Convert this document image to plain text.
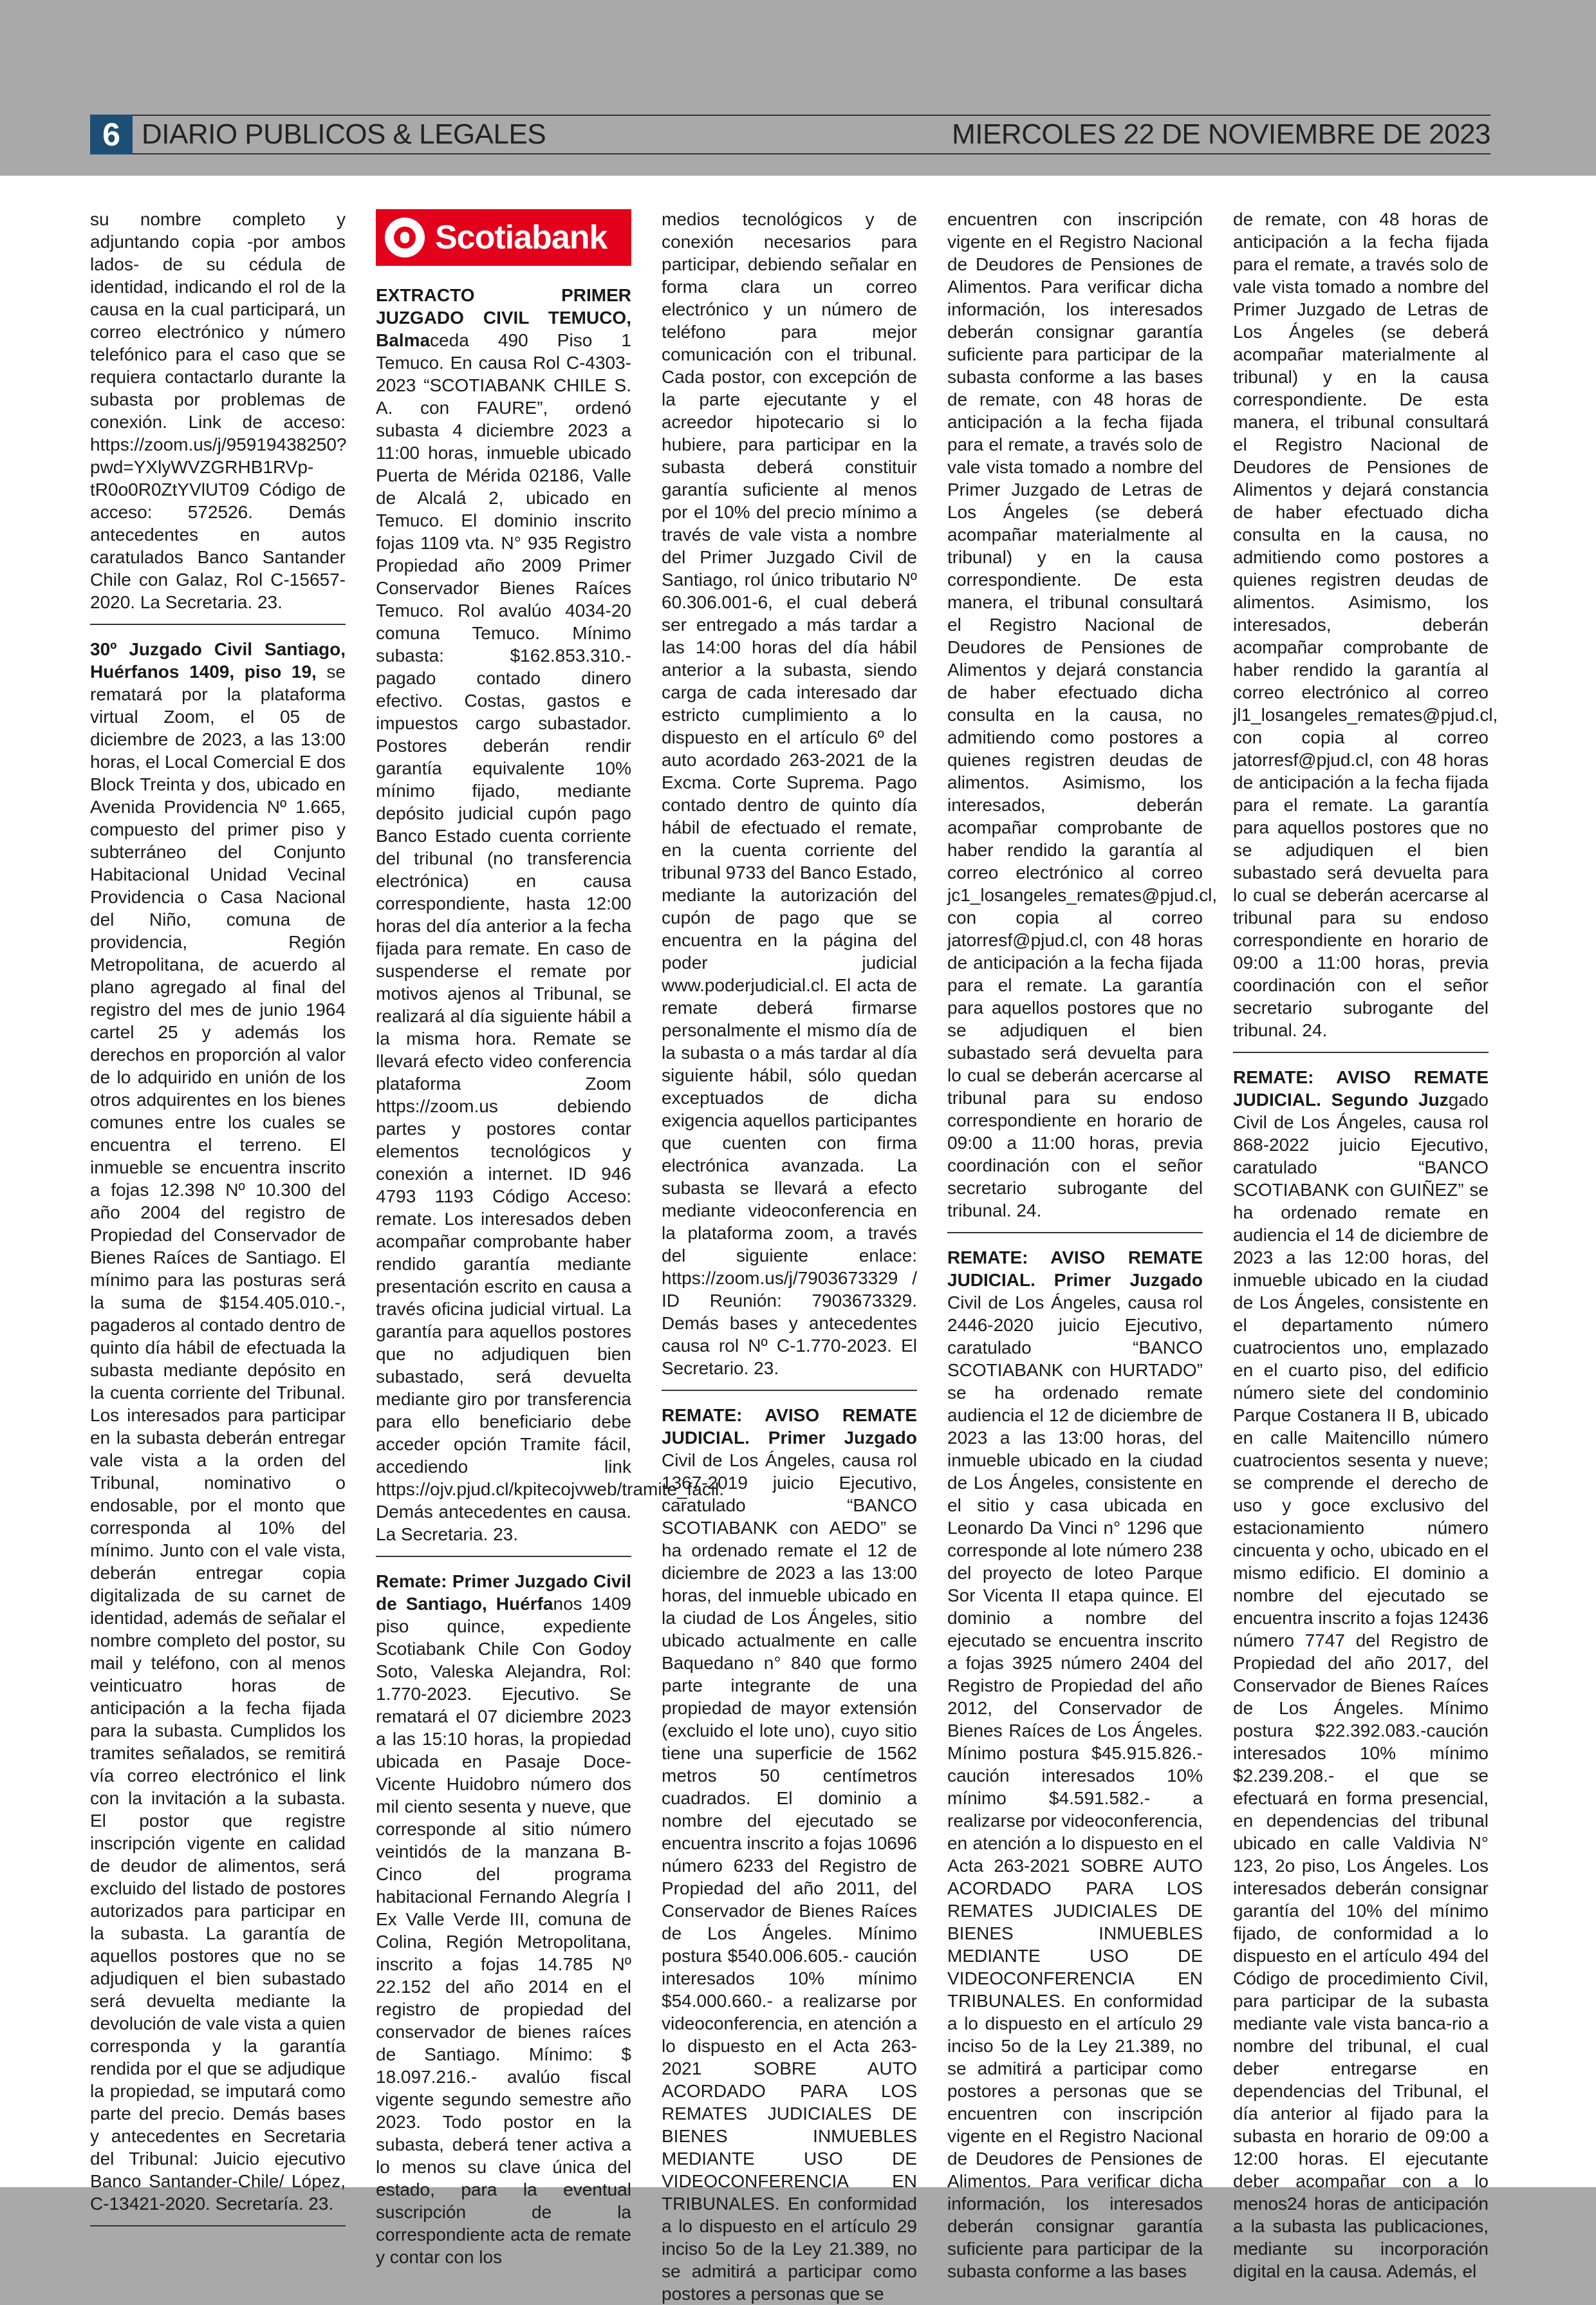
6 DIARIO PUBLICOS & LEGALES	MIERCOLES 22 DE NOVIEMBRE DE 2023

su nombre completo y adjuntando copia -por ambos lados- de su cédula de identidad, indicando el rol de la causa en la cual participará, un correo electrónico y número telefónico para el caso que se requiera contactarlo durante la subasta por problemas de conexión. Link de acceso: https://zoom.us/j/95919438250?pwd=YXlyWVZGRHB1RVp-tR0o0R0ZtYVlUT09 Código de acceso: 572526. Demás antecedentes en autos caratulados Banco Santander Chile con Galaz, Rol C-15657-2020. La Secretaria. 23.

30º Juzgado Civil Santiago, Huérfanos 1409, piso 19, se rematará por la plataforma virtual Zoom, el 05 de diciembre de 2023, a las 13:00 horas, el Local Comercial E dos Block Treinta y dos, ubicado en Avenida Providencia Nº 1.665, compuesto del primer piso y subterráneo del Conjunto Habitacional Unidad Vecinal Providencia o Casa Nacional del Niño, comuna de providencia, Región Metropolitana, de acuerdo al plano agregado al final del registro del mes de junio 1964 cartel 25 y además los derechos en proporción al valor de lo adquirido en unión de los otros adquirentes en los bienes comunes entre los cuales se encuentra el terreno. El inmueble se encuentra inscrito a fojas 12.398 Nº 10.300 del año 2004 del registro de Propiedad del Conservador de Bienes Raíces de Santiago. El mínimo para las posturas será la suma de $154.405.010.-, pagaderos al contado dentro de quinto día hábil de efectuada la subasta mediante depósito en la cuenta corriente del Tribunal. Los interesados para participar en la subasta deberán entregar vale vista a la orden del Tribunal, nominativo o endosable, por el monto que corresponda al 10% del mínimo. Junto con el vale vista, deberán entregar copia digitalizada de su carnet de identidad, además de señalar el nombre completo del postor, su mail y teléfono, con al menos veinticuatro horas de anticipación a la fecha fijada para la subasta. Cumplidos los tramites señalados, se remitirá vía correo electrónico el link con la invitación a la subasta. El postor que registre inscripción vigente en calidad de deudor de alimentos, será excluido del listado de postores autorizados para participar en la subasta. La garantía de aquellos postores que no se adjudiquen el bien subastado será devuelta mediante la devolución de vale vista a quien corresponda y la garantía rendida por el que se adjudique la propiedad, se imputará como parte del precio. Demás bases y antecedentes en Secretaria del Tribunal: Juicio ejecutivo Banco Santander-Chile/ López, C-13421-2020. Secretaría. 23.

Scotiabank

EXTRACTO PRIMER JUZGADO CIVIL TEMUCO, Balmaceda 490 Piso 1 Temuco. En causa Rol C-4303-2023 “SCOTIABANK CHILE S. A. con FAURE”, ordenó subasta 4 diciembre 2023 a 11:00 horas, inmueble ubicado Puerta de Mérida 02186, Valle de Alcalá 2, ubicado en Temuco. El dominio inscrito fojas 1109 vta. N° 935 Registro Propiedad año 2009 Primer Conservador Bienes Raíces Temuco. Rol avalúo 4034-20 comuna Temuco. Mínimo subasta: $162.853.310.- pagado contado dinero efectivo. Costas, gastos e impuestos cargo subastador. Postores deberán rendir garantía equivalente 10% mínimo fijado, mediante depósito judicial cupón pago Banco Estado cuenta corriente del tribunal (no transferencia electrónica) en causa correspondiente, hasta 12:00 horas del día anterior a la fecha fijada para remate. En caso de suspenderse el remate por motivos ajenos al Tribunal, se realizará al día siguiente hábil a la misma hora. Remate se llevará efecto video conferencia plataforma Zoom https://zoom.us debiendo partes y postores contar elementos tecnológicos y conexión a internet. ID 946 4793 1193 Código Acceso: remate. Los interesados deben acompañar comprobante haber rendido garantía mediante presentación escrito en causa a través oficina judicial virtual. La garantía para aquellos postores que no adjudiquen bien subastado, será devuelta mediante giro por transferencia para ello beneficiario debe acceder opción Tramite fácil, accediendo link https://ojv.pjud.cl/kpitecojvweb/tramite_facil. Demás antecedentes en causa. La Secretaria. 23.

Remate: Primer Juzgado Civil de Santiago, Huérfanos 1409 piso quince, expediente Scotiabank Chile Con Godoy Soto, Valeska Alejandra, Rol: 1.770-2023. Ejecutivo. Se rematará el 07 diciembre 2023 a las 15:10 horas, la propiedad ubicada en Pasaje Doce- Vicente Huidobro número dos mil ciento sesenta y nueve, que corresponde al sitio número veintidós de la manzana B-Cinco del programa habitacional Fernando Alegría I Ex Valle Verde III, comuna de Colina, Región Metropolitana, inscrito a fojas 14.785 Nº 22.152 del año 2014 en el registro de propiedad del conservador de bienes raíces de Santiago. Mínimo: $ 18.097.216.- avalúo fiscal vigente segundo semestre año 2023. Todo postor en la subasta, deberá tener activa a lo menos su clave única del estado, para la eventual suscripción de la correspondiente acta de remate y contar con los

medios tecnológicos y de conexión necesarios para participar, debiendo señalar en forma clara un correo electrónico y un número de teléfono para mejor comunicación con el tribunal. Cada postor, con excepción de la parte ejecutante y el acreedor hipotecario si lo hubiere, para participar en la subasta deberá constituir garantía suficiente al menos por el 10% del precio mínimo a través de vale vista a nombre del Primer Juzgado Civil de Santiago, rol único tributario Nº 60.306.001-6, el cual deberá ser entregado a más tardar a las 14:00 horas del día hábil anterior a la subasta, siendo carga de cada interesado dar estricto cumplimiento a lo dispuesto en el artículo 6º del auto acordado 263-2021 de la Excma. Corte Suprema. Pago contado dentro de quinto día hábil de efectuado el remate, en la cuenta corriente del tribunal 9733 del Banco Estado, mediante la autorización del cupón de pago que se encuentra en la página del poder judicial www.poderjudicial.cl. El acta de remate deberá firmarse personalmente el mismo día de la subasta o a más tardar al día siguiente hábil, sólo quedan exceptuados de dicha exigencia aquellos participantes que cuenten con firma electrónica avanzada. La subasta se llevará a efecto mediante videoconferencia en la plataforma zoom, a través del siguiente enlace: https://zoom.us/j/7903673329 / ID Reunión: 7903673329. Demás bases y antecedentes causa rol Nº C-1.770-2023. El Secretario. 23.

REMATE: AVISO REMATE JUDICIAL. Primer Juzgado Civil de Los Ángeles, causa rol 1367-2019 juicio Ejecutivo, caratulado “BANCO SCOTIABANK con AEDO” se ha ordenado remate el 12 de diciembre de 2023 a las 13:00 horas, del inmueble ubicado en la ciudad de Los Ángeles, sitio ubicado actualmente en calle Baquedano n° 840 que formo parte integrante de una propiedad de mayor extensión (excluido el lote uno), cuyo sitio tiene una superficie de 1562 metros 50 centímetros cuadrados. El dominio a nombre del ejecutado se encuentra inscrito a fojas 10696 número 6233 del Registro de Propiedad del año 2011, del Conservador de Bienes Raíces de Los Ángeles. Mínimo postura $540.006.605.- caución interesados 10% mínimo $54.000.660.- a realizarse por videoconferencia, en atención a lo dispuesto en el Acta 263-2021 SOBRE AUTO ACORDADO PARA LOS REMATES JUDICIALES DE BIENES INMUEBLES MEDIANTE USO DE VIDEOCONFERENCIA EN TRIBUNALES. En conformidad a lo dispuesto en el artículo 29 inciso 5o de la Ley 21.389, no se admitirá a participar como postores a personas que se

encuentren con inscripción vigente en el Registro Nacional de Deudores de Pensiones de Alimentos. Para verificar dicha información, los interesados deberán consignar garantía suficiente para participar de la subasta conforme a las bases de remate, con 48 horas de anticipación a la fecha fijada para el remate, a través solo de vale vista tomado a nombre del Primer Juzgado de Letras de Los Ángeles (se deberá acompañar materialmente al tribunal) y en la causa correspondiente. De esta manera, el tribunal consultará el Registro Nacional de Deudores de Pensiones de Alimentos y dejará constancia de haber efectuado dicha consulta en la causa, no admitiendo como postores a quienes registren deudas de alimentos. Asimismo, los interesados, deberán acompañar comprobante de haber rendido la garantía al correo electrónico al correo jc1_losangeles_remates@pjud.cl, con copia al correo jatorresf@pjud.cl, con 48 horas de anticipación a la fecha fijada para el remate. La garantía para aquellos postores que no se adjudiquen el bien subastado será devuelta para lo cual se deberán acercarse al tribunal para su endoso correspondiente en horario de 09:00 a 11:00 horas, previa coordinación con el señor secretario subrogante del tribunal. 24.

REMATE: AVISO REMATE JUDICIAL. Primer Juzgado Civil de Los Ángeles, causa rol 2446-2020 juicio Ejecutivo, caratulado “BANCO SCOTIABANK con HURTADO” se ha ordenado remate audiencia el 12 de diciembre de 2023 a las 13:00 horas, del inmueble ubicado en la ciudad de Los Ángeles, consistente en el sitio y casa ubicada en Leonardo Da Vinci n° 1296 que corresponde al lote número 238 del proyecto de loteo Parque Sor Vicenta II etapa quince. El dominio a nombre del ejecutado se encuentra inscrito a fojas 3925 número 2404 del Registro de Propiedad del año 2012, del Conservador de Bienes Raíces de Los Ángeles. Mínimo postura $45.915.826.- caución interesados 10% mínimo $4.591.582.- a realizarse por videoconferencia, en atención a lo dispuesto en el Acta 263-2021 SOBRE AUTO ACORDADO PARA LOS REMATES JUDICIALES DE BIENES INMUEBLES MEDIANTE USO DE VIDEOCONFERENCIA EN TRIBUNALES. En conformidad a lo dispuesto en el artículo 29 inciso 5o de la Ley 21.389, no se admitirá a participar como postores a personas que se encuentren con inscripción vigente en el Registro Nacional de Deudores de Pensiones de Alimentos. Para verificar dicha información, los interesados deberán consignar garantía suficiente para participar de la subasta conforme a las bases

de remate, con 48 horas de anticipación a la fecha fijada para el remate, a través solo de vale vista tomado a nombre del Primer Juzgado de Letras de Los Ángeles (se deberá acompañar materialmente al tribunal) y en la causa correspondiente. De esta manera, el tribunal consultará el Registro Nacional de Deudores de Pensiones de Alimentos y dejará constancia de haber efectuado dicha consulta en la causa, no admitiendo como postores a quienes registren deudas de alimentos. Asimismo, los interesados, deberán acompañar comprobante de haber rendido la garantía al correo electrónico al correo jl1_losangeles_remates@pjud.cl, con copia al correo jatorresf@pjud.cl, con 48 horas de anticipación a la fecha fijada para el remate. La garantía para aquellos postores que no se adjudiquen el bien subastado será devuelta para lo cual se deberán acercarse al tribunal para su endoso correspondiente en horario de 09:00 a 11:00 horas, previa coordinación con el señor secretario subrogante del tribunal. 24.

REMATE: AVISO REMATE JUDICIAL. Segundo Juzgado Civil de Los Ángeles, causa rol 868-2022 juicio Ejecutivo, caratulado “BANCO SCOTIABANK con GUIÑEZ” se ha ordenado remate en audiencia el 14 de diciembre de 2023 a las 12:00 horas, del inmueble ubicado en la ciudad de Los Ángeles, consistente en el departamento número cuatrocientos uno, emplazado en el cuarto piso, del edificio número siete del condominio Parque Costanera II B, ubicado en calle Maitencillo número cuatrocientos sesenta y nueve; se comprende el derecho de uso y goce exclusivo del estacionamiento número cincuenta y ocho, ubicado en el mismo edificio. El dominio a nombre del ejecutado se encuentra inscrito a fojas 12436 número 7747 del Registro de Propiedad del año 2017, del Conservador de Bienes Raíces de Los Ángeles. Mínimo postura $22.392.083.-caución interesados 10% mínimo $2.239.208.- el que se efectuará en forma presencial, en dependencias del tribunal ubicado en calle Valdivia N° 123, 2o piso, Los Ángeles. Los interesados deberán consignar garantía del 10% del mínimo fijado, de conformidad a lo dispuesto en el artículo 494 del Código de procedimiento Civil, para participar de la subasta mediante vale vista banca-rio a nombre del tribunal, el cual deber entregarse en dependencias del Tribunal, el día anterior al fijado para la subasta en horario de 09:00 a 12:00 horas. El ejecutante deber acompañar con a lo menos24 horas de anticipación a la subasta las publicaciones, mediante su incorporación digital en la causa. Además, el
